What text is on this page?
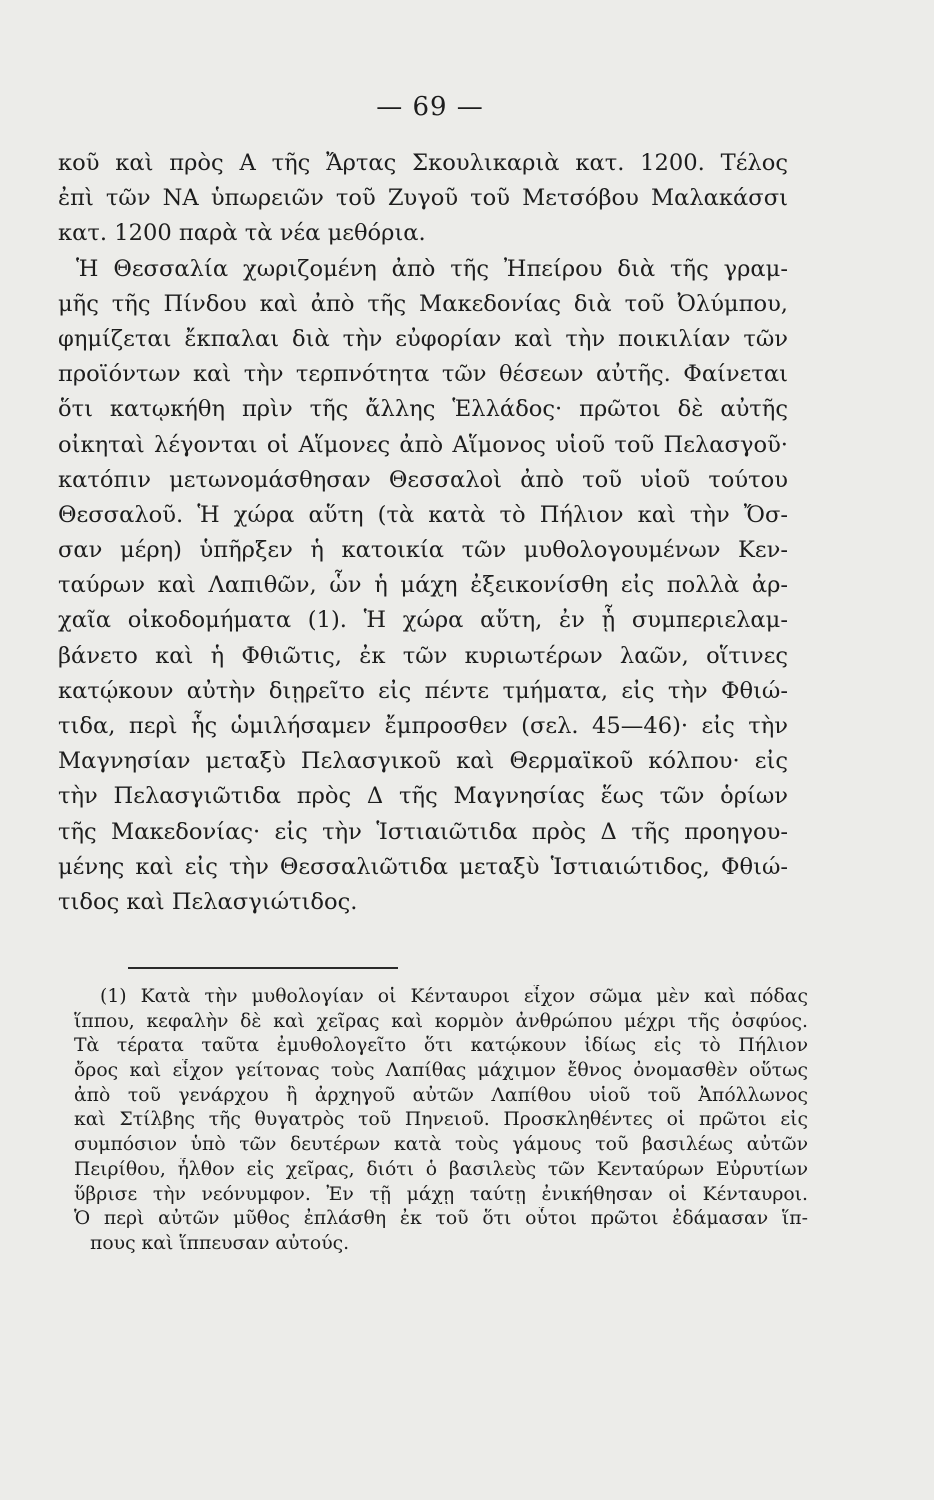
— 69 —
κοῦ καὶ πρὸς Α τῆς Ἄρτας Σκουλικαριὰ κατ. 1200. Τέλος
ἐπὶ τῶν ΝΑ ὑπωρειῶν τοῦ Ζυγοῦ τοῦ Μετσόβου Μαλακάσσι
κατ. 1200 παρὰ τὰ νέα μεθόρια.
Ἡ Θεσσαλία χωριζομένη ἀπὸ τῆς Ἠπείρου διὰ τῆς γραμ-
μῆς τῆς Πίνδου καὶ ἀπὸ τῆς Μακεδονίας διὰ τοῦ Ὀλύμπου,
φημίζεται ἔκπαλαι διὰ τὴν εὐφορίαν καὶ τὴν ποικιλίαν τῶν
προϊόντων καὶ τὴν τερπνότητα τῶν θέσεων αὐτῆς. Φαίνεται
ὅτι κατῳκήθη πρὶν τῆς ἄλλης Ἑλλάδος· πρῶτοι δὲ αὐτῆς
οἰκηταὶ λέγονται οἱ Αἵμονες ἀπὸ Αἵμονος υἱοῦ τοῦ Πελασγοῦ·
κατόπιν μετωνομάσθησαν Θεσσαλοὶ ἀπὸ τοῦ υἱοῦ τούτου
Θεσσαλοῦ. Ἡ χώρα αὕτη (τὰ κατὰ τὸ Πήλιον καὶ τὴν Ὄσ-
σαν μέρη) ὑπῆρξεν ἡ κατοικία τῶν μυθολογουμένων Κεν-
ταύρων καὶ Λαπιθῶν, ὧν ἡ μάχη ἐξεικονίσθη εἰς πολλὰ ἀρ-
χαῖα οἰκοδομήματα (1). Ἡ χώρα αὕτη, ἐν ᾗ συμπεριελαμ-
βάνετο καὶ ἡ Φθιῶτις, ἐκ τῶν κυριωτέρων λαῶν, οἵτινες
κατῴκουν αὐτὴν διῃρεῖτο εἰς πέντε τμήματα, εἰς τὴν Φθιώ-
τιδα, περὶ ἧς ὡμιλήσαμεν ἔμπροσθεν (σελ. 45—46)· εἰς τὴν
Μαγνησίαν μεταξὺ Πελασγικοῦ καὶ Θερμαϊκοῦ κόλπου· εἰς
τὴν Πελασγιῶτιδα πρὸς Δ τῆς Μαγνησίας ἕως τῶν ὁρίων
τῆς Μακεδονίας· εἰς τὴν Ἱστιαιῶτιδα πρὸς Δ τῆς προηγου-
μένης καὶ εἰς τὴν Θεσσαλιῶτιδα μεταξὺ Ἱστιαιώτιδος, Φθιώ-
τιδος καὶ Πελασγιώτιδος.
(1) Κατὰ τὴν μυθολογίαν οἱ Κένταυροι εἶχον σῶμα μὲν καὶ πόδας
ἵππου, κεφαλὴν δὲ καὶ χεῖρας καὶ κορμὸν ἀνθρώπου μέχρι τῆς ὀσφύος.
Τὰ τέρατα ταῦτα ἐμυθολογεῖτο ὅτι κατῴκουν ἰδίως εἰς τὸ Πήλιον
ὄρος καὶ εἶχον γείτονας τοὺς Λαπίθας μάχιμον ἔθνος ὀνομασθὲν οὕτως
ἀπὸ τοῦ γενάρχου ἢ ἀρχηγοῦ αὐτῶν Λαπίθου υἱοῦ τοῦ Ἀπόλλωνος
καὶ Στίλβης τῆς θυγατρὸς τοῦ Πηνειοῦ. Προσκληθέντες οἱ πρῶτοι εἰς
συμπόσιον ὑπὸ τῶν δευτέρων κατὰ τοὺς γάμους τοῦ βασιλέως αὐτῶν
Πειρίθου, ἦλθον εἰς χεῖρας, διότι ὁ βασιλεὺς τῶν Κενταύρων Εὐρυτίων
ὕβρισε τὴν νεόνυμφον. Ἐν τῇ μάχῃ ταύτῃ ἐνικήθησαν οἱ Κένταυροι.
Ὁ περὶ αὐτῶν μῦθος ἐπλάσθη ἐκ τοῦ ὅτι οὗτοι πρῶτοι ἐδάμασαν ἵπ-
πους καὶ ἵππευσαν αὐτούς.
